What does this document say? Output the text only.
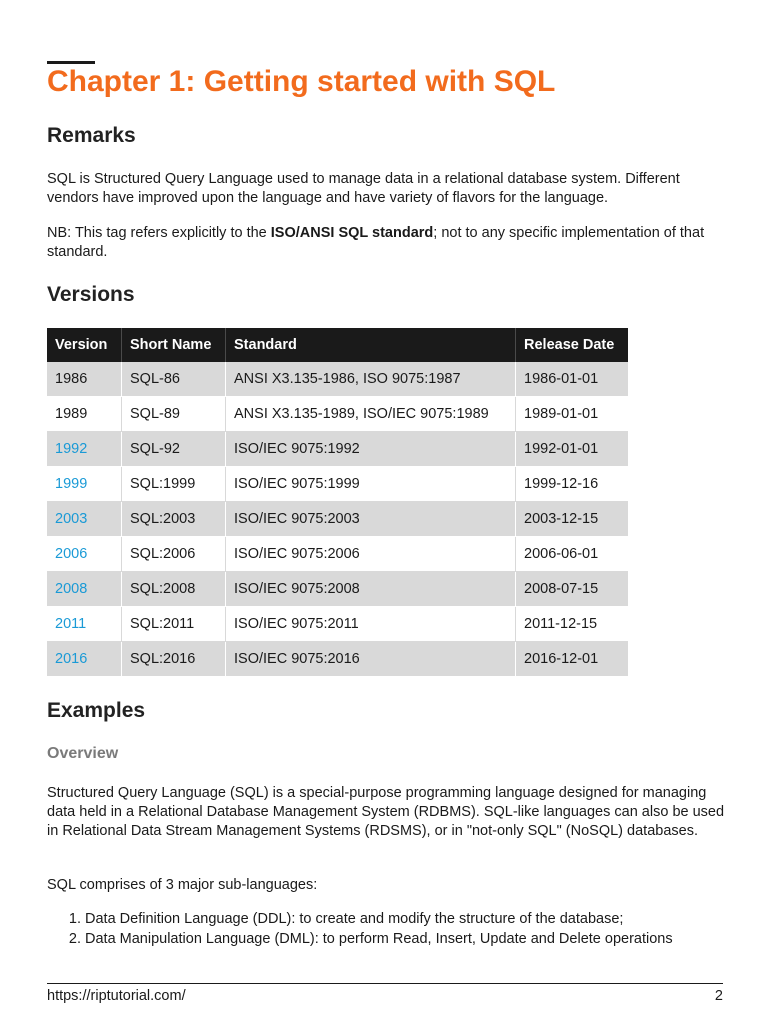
Chapter 1: Getting started with SQL
Remarks

SQL is Structured Query Language used to manage data in a relational database system. Different vendors have improved upon the language and have variety of flavors for the language.

NB: This tag refers explicitly to the ISO/ANSI SQL standard; not to any specific implementation of that standard.

Versions
Version	Short Name	Standard	Release Date
1986	SQL-86	ANSI X3.135-1986, ISO 9075:1987	1986-01-01
1989	SQL-89	ANSI X3.135-1989, ISO/IEC 9075:1989	1989-01-01
1992	SQL-92	ISO/IEC 9075:1992	1992-01-01
1999	SQL:1999	ISO/IEC 9075:1999	1999-12-16
2003	SQL:2003	ISO/IEC 9075:2003	2003-12-15
2006	SQL:2006	ISO/IEC 9075:2006	2006-06-01
2008	SQL:2008	ISO/IEC 9075:2008	2008-07-15
2011	SQL:2011	ISO/IEC 9075:2011	2011-12-15
2016	SQL:2016	ISO/IEC 9075:2016	2016-12-01
Examples
Overview

Structured Query Language (SQL) is a special-purpose programming language designed for managing data held in a Relational Database Management System (RDBMS). SQL-like languages can also be used in Relational Data Stream Management Systems (RDSMS), or in "not-only SQL" (NoSQL) databases.

SQL comprises of 3 major sub-languages:

1. Data Definition Language (DDL): to create and modify the structure of the database;
2. Data Manipulation Language (DML): to perform Read, Insert, Update and Delete operations
https://riptutorial.com/	2
